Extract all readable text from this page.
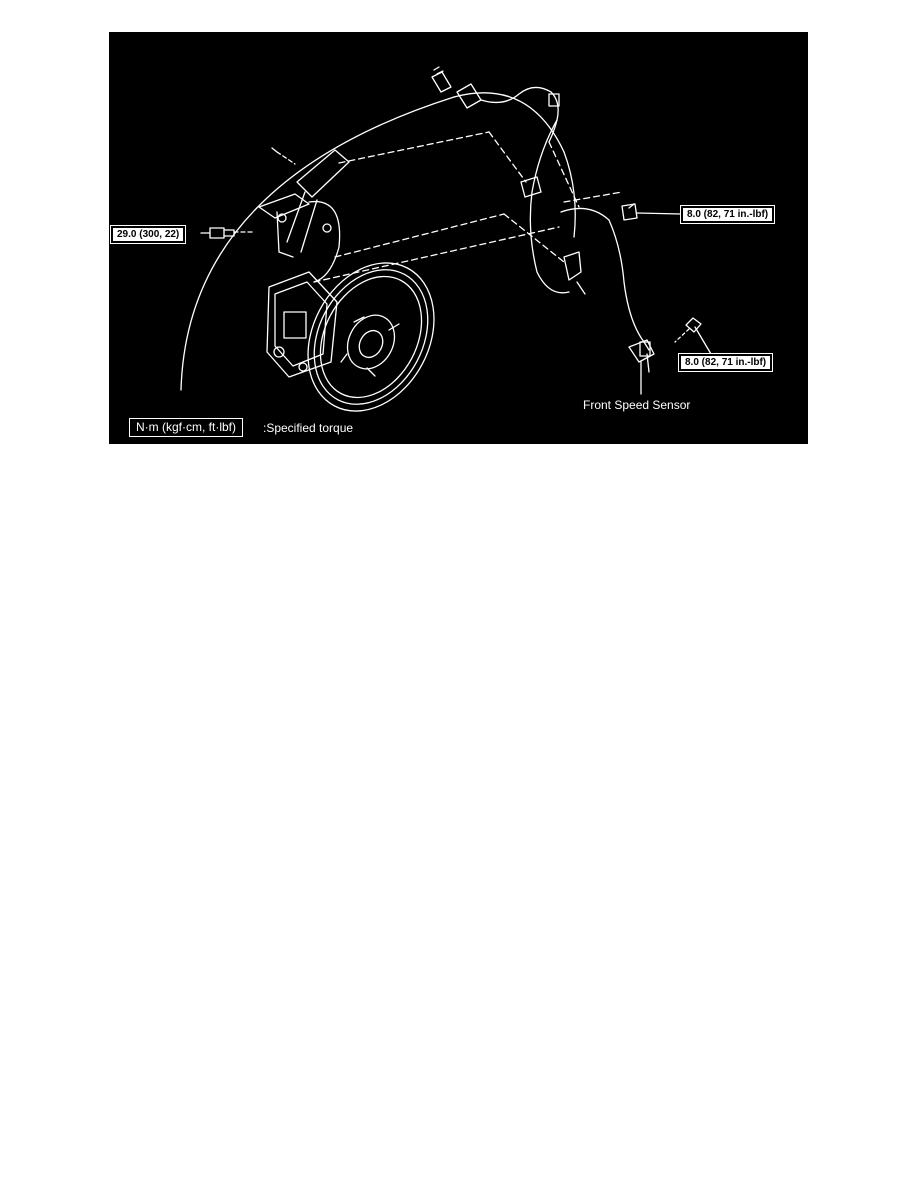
29.0 (300, 22)
8.0 (82, 71 in.-lbf)
8.0 (82, 71 in.-lbf)
Front Speed Sensor
N·m (kgf·cm, ft·lbf)	:Specified torque
